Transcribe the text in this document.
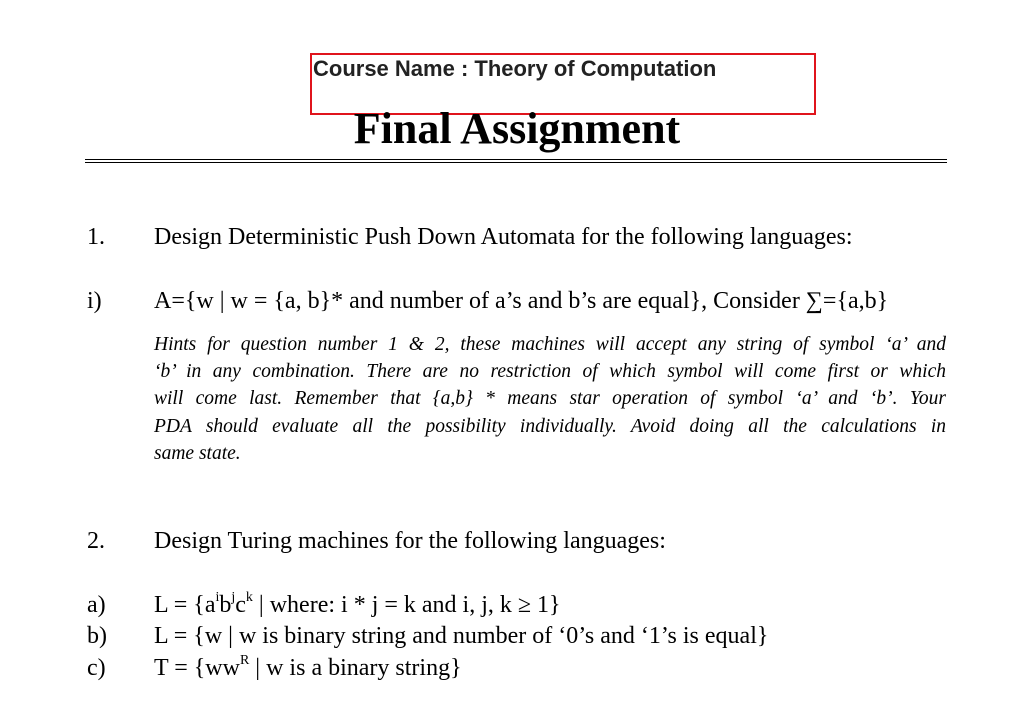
Course Name : Theory of Computation
Final Assignment
1. Design Deterministic Push Down Automata for the following languages:
i) A={w | w = {a, b}* and number of a’s and b’s are equal}, Consider ∑={a,b}
Hints for question number 1 & 2, these machines will accept any string of symbol ‘a’ and
‘b’ in any combination. There are no restriction of which symbol will come first or which
will come last. Remember that {a,b} * means star operation of symbol ‘a’ and ‘b’. Your
PDA should evaluate all the possibility individually. Avoid doing all the calculations in
same state.
2. Design Turing machines for the following languages:
a) $L = \{a^ib^jc^k$ | where: i * j = k and i, j, k ≥ 1}
b) L = {w | w is binary string and number of ‘0’s and ‘1’s is equal}
c) $T = \{ww^R$ | w is a binary string}
